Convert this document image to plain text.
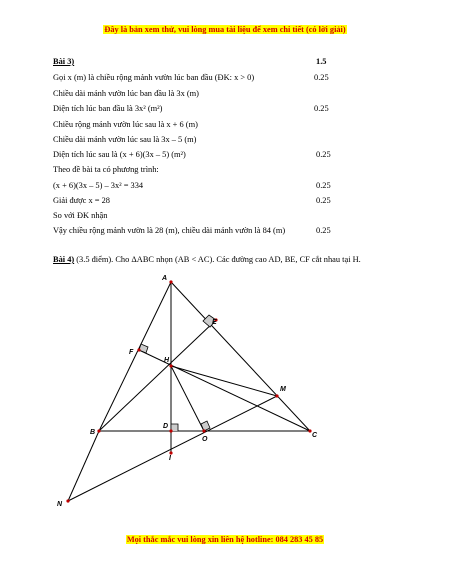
Đây là bản xem thử, vui lòng mua tài liệu để xem chi tiết (có lời giải)
Bài 3)	1.5
Gọi x (m) là chiều rộng mảnh vườn lúc ban đầu (ĐK: x > 0)	0.25
Chiều dài mảnh vườn lúc ban đầu là 3x (m)
Diện tích lúc ban đầu là 3x² (m²)	0.25
Chiều rộng mảnh vườn lúc sau là x + 6 (m)
Chiều dài mảnh vườn lúc sau là 3x – 5 (m)
Diện tích lúc sau là (x + 6)(3x – 5) (m²)	0.25
Theo đề bài ta có phương trình:
(x + 6)(3x – 5) – 3x² = 334	0.25
Giải được x = 28	0.25
So với ĐK nhận
Vậy chiều rộng mảnh vườn là 28 (m), chiều dài mảnh vườn là 84 (m)	0.25
Bài 4) (3.5 điểm). Cho ΔABC nhọn (AB < AC). Các đường cao AD, BE, CF cắt nhau tại H.
A
B	C
D
E
F
H
I
M
N
O
Mọi thắc mắc vui lòng xin liên hệ hotline: 084 283 45 85
